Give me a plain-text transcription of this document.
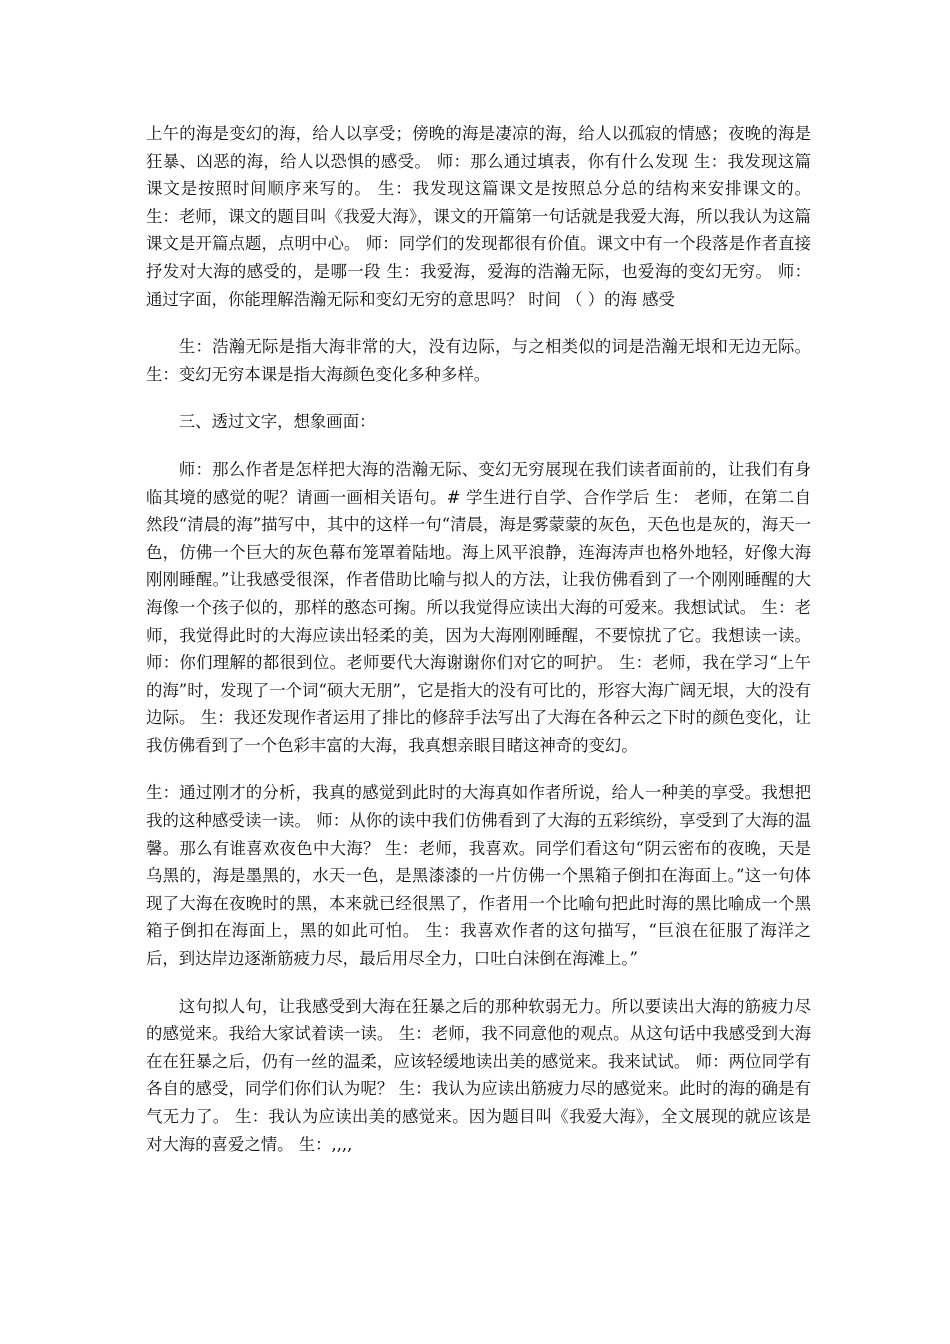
上午的海是变幻的海，给人以享受；傍晚的海是凄凉的海，给人以孤寂的情感；夜晚的海是狂暴、凶恶的海，给人以恐惧的感受。 师：那么通过填表，你有什么发现 生：我发现这篇课文是按照时间顺序来写的。 生：我发现这篇课文是按照总分总的结构来安排课文的。 生：老师，课文的题目叫《我爱大海》，课文的开篇第一句话就是我爱大海，所以我认为这篇课文是开篇点题，点明中心。 师：同学们的发现都很有价值。课文中有一个段落是作者直接抒发对大海的感受的，是哪一段 生：我爱海，爱海的浩瀚无际，也爱海的变幻无穷。 师：通过字面，你能理解浩瀚无际和变幻无穷的意思吗？ 时间 （ ）的海 感受

生：浩瀚无际是指大海非常的大，没有边际，与之相类似的词是浩瀚无垠和无边无际。 生：变幻无穷本课是指大海颜色变化多种多样。

三、透过文字，想象画面：

师：那么作者是怎样把大海的浩瀚无际、变幻无穷展现在我们读者面前的，让我们有身临其境的感觉的呢？请画一画相关语句。# 学生进行自学、合作学后 生： 老师，在第二自然段“清晨的海”描写中，其中的这样一句“清晨，海是雾蒙蒙的灰色，天色也是灰的，海天一色，仿佛一个巨大的灰色幕布笼罩着陆地。海上风平浪静，连海涛声也格外地轻，好像大海刚刚睡醒。”让我感受很深，作者借助比喻与拟人的方法，让我仿佛看到了一个刚刚睡醒的大海像一个孩子似的，那样的憨态可掬。所以我觉得应读出大海的可爱来。我想试试。 生：老师，我觉得此时的大海应读出轻柔的美，因为大海刚刚睡醒，不要惊扰了它。我想读一读。 师：你们理解的都很到位。老师要代大海谢谢你们对它的呵护。 生：老师，我在学习“上午的海”时，发现了一个词“硕大无朋”，它是指大的没有可比的，形容大海广阔无垠，大的没有边际。 生：我还发现作者运用了排比的修辞手法写出了大海在各种云之下时的颜色变化，让我仿佛看到了一个色彩丰富的大海，我真想亲眼目睹这神奇的变幻。

生：通过刚才的分析，我真的感觉到此时的大海真如作者所说，给人一种美的享受。我想把我的这种感受读一读。 师：从你的读中我们仿佛看到了大海的五彩缤纷，享受到了大海的温馨。那么有谁喜欢夜色中大海？ 生：老师，我喜欢。同学们看这句“阴云密布的夜晚，天是乌黑的，海是墨黑的，水天一色，是黑漆漆的一片仿佛一个黑箱子倒扣在海面上。”这一句体现了大海在夜晚时的黑，本来就已经很黑了，作者用一个比喻句把此时海的黑比喻成一个黑箱子倒扣在海面上，黑的如此可怕。 生：我喜欢作者的这句描写，“巨浪在征服了海洋之后，到达岸边逐渐筋疲力尽，最后用尽全力，口吐白沫倒在海滩上。”

这句拟人句，让我感受到大海在狂暴之后的那种软弱无力。所以要读出大海的筋疲力尽的感觉来。我给大家试着读一读。 生：老师，我不同意他的观点。从这句话中我感受到大海在在狂暴之后，仍有一丝的温柔，应该轻缓地读出美的感觉来。我来试试。 师：两位同学有各自的感受，同学们你们认为呢？ 生：我认为应读出筋疲力尽的感觉来。此时的海的确是有气无力了。 生：我认为应读出美的感觉来。因为题目叫《我爱大海》，全文展现的就应该是对大海的喜爱之情。 生：,,,,
